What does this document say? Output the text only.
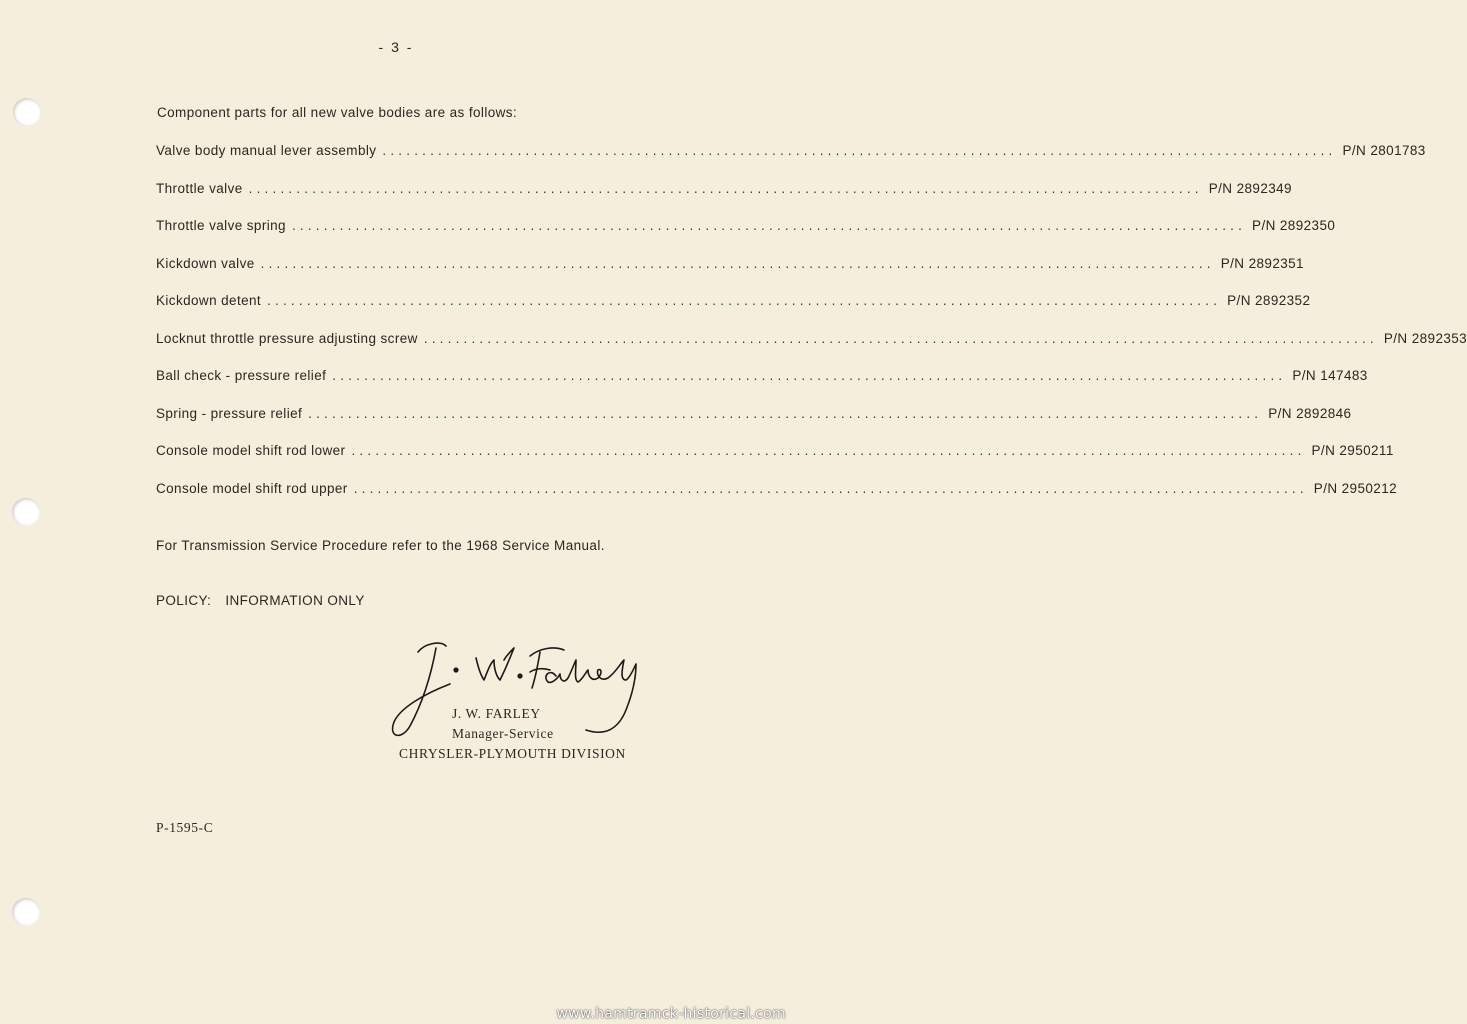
- 3 -
Component parts for all new valve bodies are as follows:
Valve body manual lever assembly ........................................................................................................................ P/N 2801783
Throttle valve ........................................................................................................................ P/N 2892349
Throttle valve spring ........................................................................................................................ P/N 2892350
Kickdown valve ........................................................................................................................ P/N 2892351
Kickdown detent ........................................................................................................................ P/N 2892352
Locknut throttle pressure adjusting screw ........................................................................................................................ P/N 2892353
Ball check - pressure relief ........................................................................................................................ P/N 147483
Spring - pressure relief ........................................................................................................................ P/N 2892846
Console model shift rod lower ........................................................................................................................ P/N 2950211
Console model shift rod upper ........................................................................................................................ P/N 2950212
For Transmission Service Procedure refer to the 1968 Service Manual.
POLICY: INFORMATION ONLY
J. W. FARLEY
Manager-Service
CHRYSLER-PLYMOUTH DIVISION
P-1595-C
www.hamtramck-historical.com
